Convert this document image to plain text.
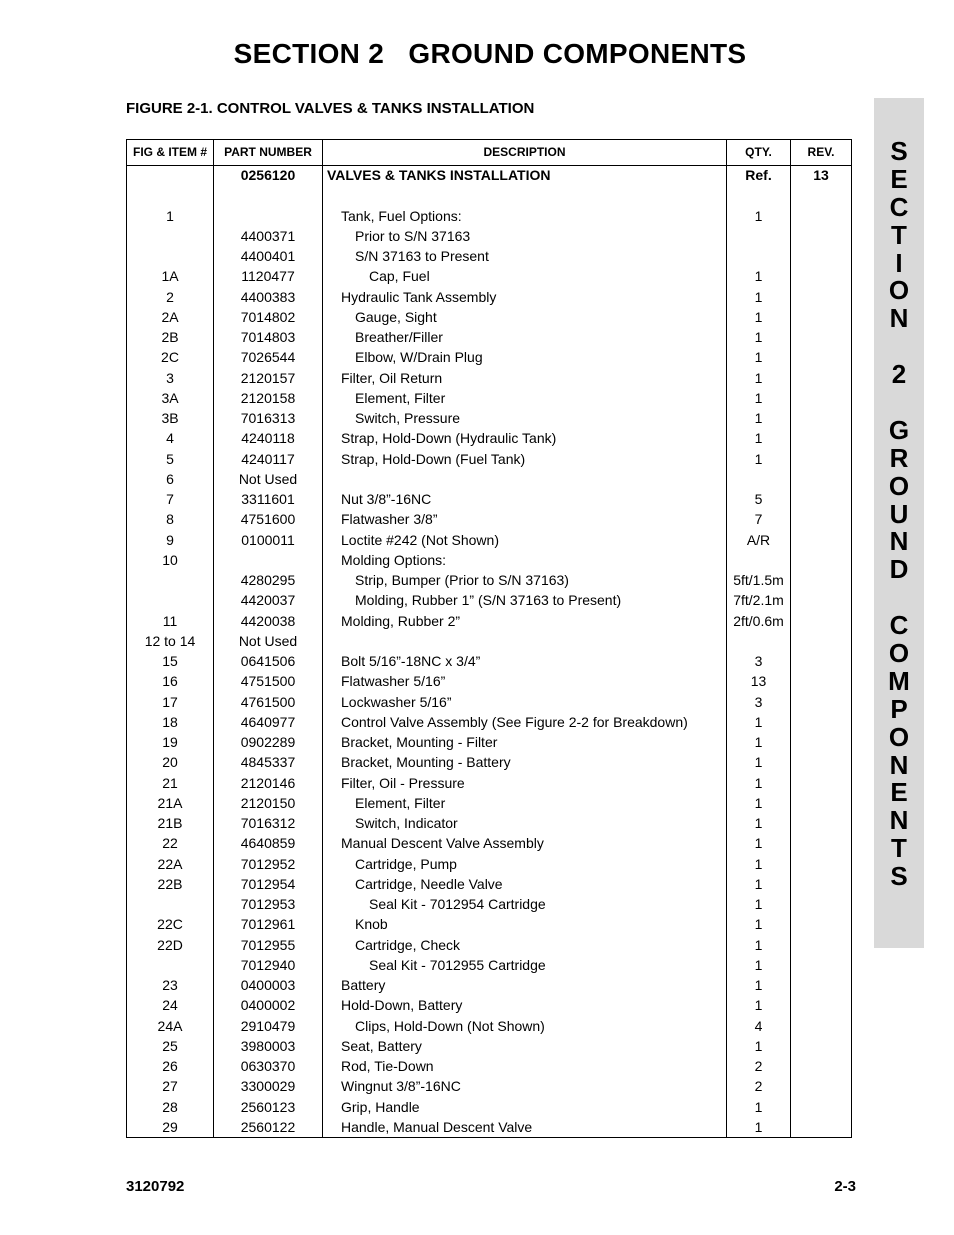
SECTION 2   GROUND COMPONENTS
FIGURE 2-1. CONTROL VALVES & TANKS INSTALLATION
S
E
C
T
I
O
N

2

G
R
O
U
N
D

C
O
M
P
O
N
E
N
T
S
FIG & ITEM #	PART NUMBER	DESCRIPTION	QTY.	REV.
0256120	VALVES & TANKS INSTALLATION	Ref.	13
1	Tank, Fuel Options:	1
4400371	Prior to S/N 37163
4400401	S/N 37163 to Present
1A	1120477	Cap, Fuel	1
2	4400383	Hydraulic Tank Assembly	1
2A	7014802	Gauge, Sight	1
2B	7014803	Breather/Filler	1
2C	7026544	Elbow, W/Drain Plug	1
3	2120157	Filter, Oil Return	1
3A	2120158	Element, Filter	1
3B	7016313	Switch, Pressure	1
4	4240118	Strap, Hold-Down (Hydraulic Tank)	1
5	4240117	Strap, Hold-Down (Fuel Tank)	1
6	Not Used
7	3311601	Nut 3/8”-16NC	5
8	4751600	Flatwasher 3/8”	7
9	0100011	Loctite #242 (Not Shown)	A/R
10	Molding Options:
4280295	Strip, Bumper (Prior to S/N 37163)	5ft/1.5m
4420037	Molding, Rubber 1” (S/N 37163 to Present)	7ft/2.1m
11	4420038	Molding, Rubber 2”	2ft/0.6m
12 to 14	Not Used
15	0641506	Bolt 5/16”-18NC x 3/4”	3
16	4751500	Flatwasher 5/16”	13
17	4761500	Lockwasher 5/16”	3
18	4640977	Control Valve Assembly (See Figure 2-2 for Breakdown)	1
19	0902289	Bracket, Mounting - Filter	1
20	4845337	Bracket, Mounting - Battery	1
21	2120146	Filter, Oil - Pressure	1
21A	2120150	Element, Filter	1
21B	7016312	Switch, Indicator	1
22	4640859	Manual Descent Valve Assembly	1
22A	7012952	Cartridge, Pump	1
22B	7012954	Cartridge, Needle Valve	1
7012953	Seal Kit - 7012954 Cartridge	1
22C	7012961	Knob	1
22D	7012955	Cartridge, Check	1
7012940	Seal Kit - 7012955 Cartridge	1
23	0400003	Battery	1
24	0400002	Hold-Down, Battery	1
24A	2910479	Clips, Hold-Down (Not Shown)	4
25	3980003	Seat, Battery	1
26	0630370	Rod, Tie-Down	2
27	3300029	Wingnut 3/8”-16NC	2
28	2560123	Grip, Handle	1
29	2560122	Handle, Manual Descent Valve	1
3120792	2-3
